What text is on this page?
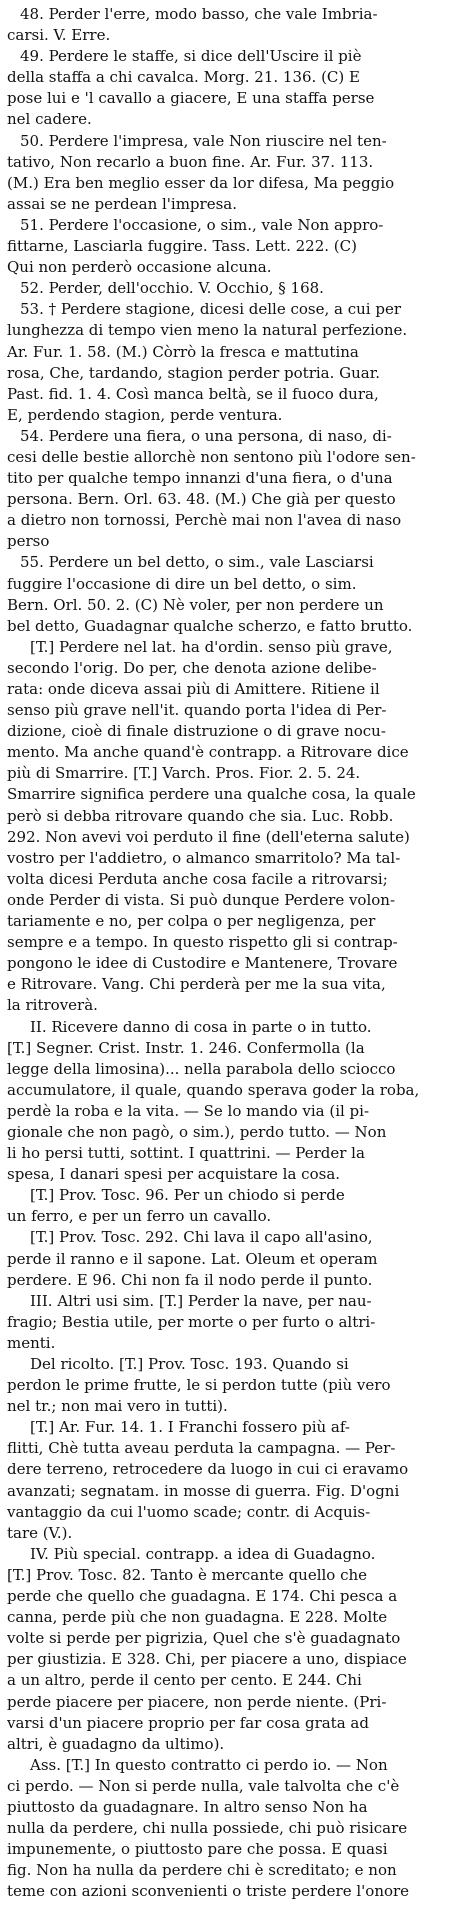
48. Perder l'erre, modo basso, che vale Imbria-
carsi. V. Erre.
49. Perdere le staffe, si dice dell'Uscire il piè
della staffa a chi cavalca. Morg. 21. 136. (C) E
pose lui e 'l cavallo a giacere, E una staffa perse
nel cadere.
50. Perdere l'impresa, vale Non riuscire nel ten-
tativo, Non recarlo a buon fine. Ar. Fur. 37. 113.
(M.) Era ben meglio esser da lor difesa, Ma peggio
assai se ne perdean l'impresa.
51. Perdere l'occasione, o sim., vale Non appro-
fittarne, Lasciarla fuggire. Tass. Lett. 222. (C)
Qui non perderò occasione alcuna.
52. Perder, dell'occhio. V. Occhio, § 168.
53. † Perdere stagione, dicesi delle cose, a cui per
lunghezza di tempo vien meno la natural perfezione.
Ar. Fur. 1. 58. (M.) Còrrò la fresca e mattutina
rosa, Che, tardando, stagion perder potria. Guar.
Past. fid. 1. 4. Così manca beltà, se il fuoco dura,
E, perdendo stagion, perde ventura.
54. Perdere una fiera, o una persona, di naso, di-
cesi delle bestie allorchè non sentono più l'odore sen-
tito per qualche tempo innanzi d'una fiera, o d'una
persona. Bern. Orl. 63. 48. (M.) Che già per questo
a dietro non tornossi, Perchè mai non l'avea di naso
perso
55. Perdere un bel detto, o sim., vale Lasciarsi
fuggire l'occasione di dire un bel detto, o sim.
Bern. Orl. 50. 2. (C) Nè voler, per non perdere un
bel detto, Guadagnar qualche scherzo, e fatto brutto.
[T.] Perdere nel lat. ha d'ordin. senso più grave,
secondo l'orig. Do per, che denota azione delibe-
rata: onde diceva assai più di Amittere. Ritiene il
senso più grave nell'it. quando porta l'idea di Per-
dizione, cioè di finale distruzione o di grave nocu-
mento. Ma anche quand'è contrapp. a Ritrovare dice
più di Smarrire. [T.] Varch. Pros. Fior. 2. 5. 24.
Smarrire significa perdere una qualche cosa, la quale
però si debba ritrovare quando che sia. Luc. Robb.
292. Non avevi voi perduto il fine (dell'eterna salute)
vostro per l'addietro, o almanco smarritolo? Ma tal-
volta dicesi Perduta anche cosa facile a ritrovarsi;
onde Perder di vista. Si può dunque Perdere volon-
tariamente e no, per colpa o per negligenza, per
sempre e a tempo. In questo rispetto gli si contrap-
pongono le idee di Custodire e Mantenere, Trovare
e Ritrovare. Vang. Chi perderà per me la sua vita,
la ritroverà.
II. Ricevere danno di cosa in parte o in tutto.
[T.] Segner. Crist. Instr. 1. 246. Confermolla (la
legge della limosina)... nella parabola dello sciocco
accumulatore, il quale, quando sperava goder la roba,
perdè la roba e la vita. — Se lo mando via (il pi-
gionale che non pagò, o sim.), perdo tutto. — Non
li ho persi tutti, sottint. I quattrini. — Perder la
spesa, I danari spesi per acquistare la cosa.
[T.] Prov. Tosc. 96. Per un chiodo si perde
un ferro, e per un ferro un cavallo.
[T.] Prov. Tosc. 292. Chi lava il capo all'asino,
perde il ranno e il sapone. Lat. Oleum et operam
perdere. E 96. Chi non fa il nodo perde il punto.
III. Altri usi sim. [T.] Perder la nave, per nau-
fragio; Bestia utile, per morte o per furto o altri-
menti.
Del ricolto. [T.] Prov. Tosc. 193. Quando si
perdon le prime frutte, le si perdon tutte (più vero
nel tr.; non mai vero in tutti).
[T.] Ar. Fur. 14. 1. I Franchi fossero più af-
flitti, Chè tutta aveau perduta la campagna. — Per-
dere terreno, retrocedere da luogo in cui ci eravamo
avanzati; segnatam. in mosse di guerra. Fig. D'ogni
vantaggio da cui l'uomo scade; contr. di Acquis-
tare (V.).
IV. Più special. contrapp. a idea di Guadagno.
[T.] Prov. Tosc. 82. Tanto è mercante quello che
perde che quello che guadagna. E 174. Chi pesca a
canna, perde più che non guadagna. E 228. Molte
volte si perde per pigrizia, Quel che s'è guadagnato
per giustizia. E 328. Chi, per piacere a uno, dispiace
a un altro, perde il cento per cento. E 244. Chi
perde piacere per piacere, non perde niente. (Pri-
varsi d'un piacere proprio per far cosa grata ad
altri, è guadagno da ultimo).
Ass. [T.] In questo contratto ci perdo io. — Non
ci perdo. — Non si perde nulla, vale talvolta che c'è
piuttosto da guadagnare. In altro senso Non ha
nulla da perdere, chi nulla possiede, chi può risicare
impunemente, o piuttosto pare che possa. E quasi
fig. Non ha nulla da perdere chi è screditato; e non
teme con azioni sconvenienti o triste perdere l'onore
